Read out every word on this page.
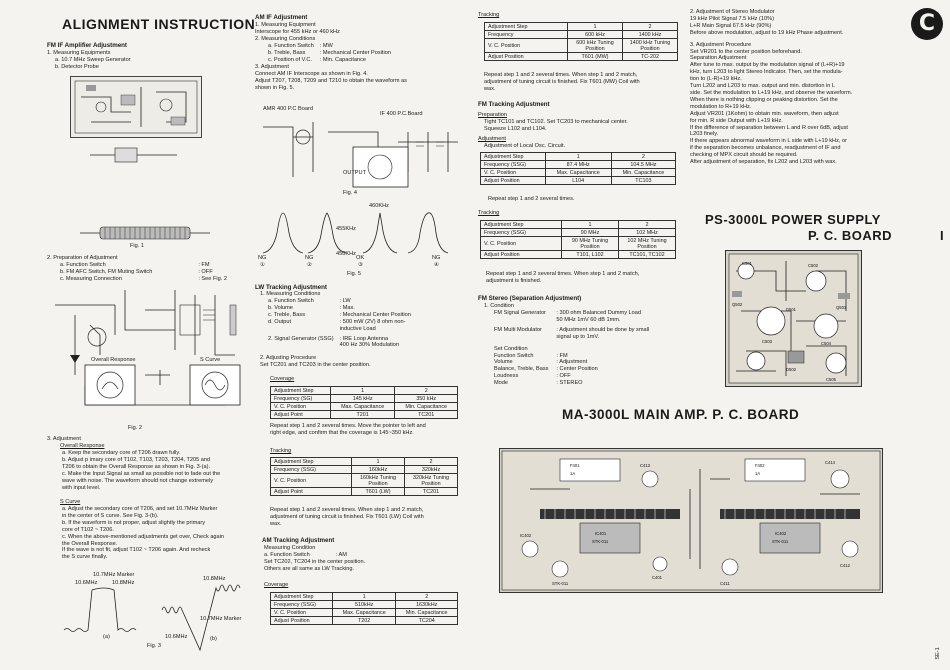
ALIGNMENT INSTRUCTION
FM IF Amplifier Adjustment
1. Measuring Equipments
a. 10.7 MHz Sweep Generator
b. Detector Probe
Fig. 1
2. Preparation of Adjustment
a. Function Switch	: FM
b. FM AFC Switch, FM Muting Switch	: OFF
c. Measuring Connection	: See Fig. 2
Overall Response	S Curve
Fig. 2
3. Adjustment
Overall Response
a. Keep the secondary core of T206 drawn fully.
b. Adjust p imary core of T102, T103, T203, T204, T205 and
T206 to obtain the Overall Response as shown in Fig. 3-(a).
c. Make the Input Signal as small as possible not to fade out the
wave with noise. The waveform should not change extremely
with input level.
S Curve
a. Adjust the secondary core of T206, and set 10.7MHz Marker
in the center of S curve. See Fig. 3-(b).
b. If the waveform is not proper, adjust slightly the primary
core of T102 ~ T206.
c. When the above-mentioned adjustments get over, Check again
the Overall Response.
If the wave is not fit, adjust T102 ~ T206 again. And recheck
the S curve finally.
10.7MHz Marker
10.6MHz	10.8MHz
10.8MHz
10.7MHz Marker
10.6MHz
(a)	(b)
Fig. 3
AM IF Adjustment
1. Measuring Equipment
Interscope for 455 kHz or 460 kHz
2. Measuring Conditions
a. Function Switch : MW
b. Treble, Bass	: Mechanical Center Position
c. Position of V.C.	: Min. Capacitance
3. Adjustment
Connect AM IF Interscope as shown in Fig. 4.
Adjust T207, T208, T209 and T210 to obtain the waveform as
shown in Fig. 5.
AMR 400 P.C Board
IF 400 P.C.Board
OUTPUT
Fig. 4
460KHz
455KHz
450KHz
NG	NG	OK	NG
①	②	③	④
Fig. 5
LW Tracking Adjustment
1. Measuring Conditions
a. Function Switch	: LW
b. Volume	: Max.
c. Treble, Bass	: Mechanical Center Position
d. Output	: 500 mW (2V) 8 ohm non-
inductive Load
2. Signal Generator (SSG) : IRE Loop Antenna
400 Hz 30% Modulation
2. Adjusting Procedure
Set TC201 and TC203 in the center position.
Coverage
Adjustment Step	1	2
Frequency (SG)	145 kHz	350 kHz
V. C. Position	Max. Capacitance	Min. Capacitance
Adjust Point	T201	TC201
Repeat step 1 and 2 several times. Move the pointer to left and
right edge, and confirm that the coverage is 145~350 kHz.
Tracking
Adjustment Step	1	2
Frequency (SSG)	160kHz	320kHz
V. C. Position	160kHz Tuning Position	320kHz Tuning Position
Adjust Point	T601 (LW)	TC201
Repeat step 1 and 2 several times. When step 1 and 2 match,
adjustment of tuning circuit is finished. Fix T601 (LW) Coil with
wax.
AM Tracking Adjustment
Measuring Condition
a. Function Switch	: AM
Set TC202, TC204 in the center position.
Others are all same as LW Tracking.
Coverage
Adjustment Step	1	2
Frequency (SSG)	510kHz	1630kHz
V. C. Position	Max. Capacitance	Min. Capacitance
Adjust Position	T202	TC204
Tracking
Adjustment Step	1	2
Frequency	600 kHz	1400 kHz
V. C. Position	600 kHz Tuning Position	1400 kHz Tuning Position
Adjust Position	T601 (MW)	TC-202
Repeat step 1 and 2 several times. When step 1 and 2 match,
adjustment of tuning circuit is finished. Fix T601 (MW) Coil with
wax.
FM Tracking Adjustment
Preparation
Tight TC101 and TC102. Set TC203 to mechanical center.
Squeeze L102 and L104.
Adjustment
Adjustment of Local Osc. Circuit.
Adjustment Step	1	2
Frequency (SSG)	87.4 MHz	104.5 MHz
V. C. Position	Max. Capacitance	Min. Capacitance
Adjust Position	L104	TC103
Repeat step 1 and 2 several times.
Tracking
Adjustment Step	1	2
Frequency (SSG)	90 MHz	102 MHz
V. C. Position	90 MHz Tuning Position	102 MHz Tuning Position
Adjust Position	T101, L102	TC101, TC102
Repeat step 1 and 2 several times. When step 1 and 2 match,
adjustment is finished.
FM Stereo (Separation Adjustment)
1. Condition
FM Signal Generator	: 300 ohm Balanced Dummy Load
50 MHz 1mV 60 dB 1mm.
FM Multi Modulator	: Adjustment should be done by small
signal up to 1mV.
Set Condition
Function Switch	: FM
Volume	: Adjustment
Balance, Treble, Bass : Center Position
Loudness	: OFF
Mode	: STEREO
MA-3000L MAIN AMP. P. C. BOARD
2. Adjustment of Stereo Modulator
19 kHz Pilot Signal 7.5 kHz (10%)
L+R Main Signal 67.5 kHz (90%)
Before above modulation, adjust to 19 kHz Phase adjustment.
3. Adjustment Procedure
Set VR201 to the center position beforehand.
Separation Adjustment
After tune to max. output by the modulation signal of (L+R)+19
kHz, turn L203 to light Stereo Indicator. Then, set the modula-
tion to (L-R)+19 kHz.
Turn L202 and L203 to max. output and min. distortion in L
side. Set the modulation to L+19 kHz, and observe the waveform.
When there is nothing clipping or peaking distortion. Set the
modulation to R+19 kHz.
Adjust VR201 (1Kohm) to obtain min. waveform, then adjust
for min. R side Output with L+19 kHz.
If the difference of separation between L and R over 6dB, adjust
L203 finely.
If there appears abnormal waveform in L side with L+19 kHz, or
if the separation becomes unbalance, readjustment of IF and
checking of MPX circuit should be required.
After adjustment of separation, fix L202 and L203 with wax.
C
PS-3000L POWER SUPPLY
P. C. BOARD	I
SE-1
C501	C502
C503	C504
C505
D501
D502
Q501
Q502
F401
1A
IC401
STK-011
C413
IC402
STK-011
C401
F402
1A
IC402
STK-011
C414
C412
C411
